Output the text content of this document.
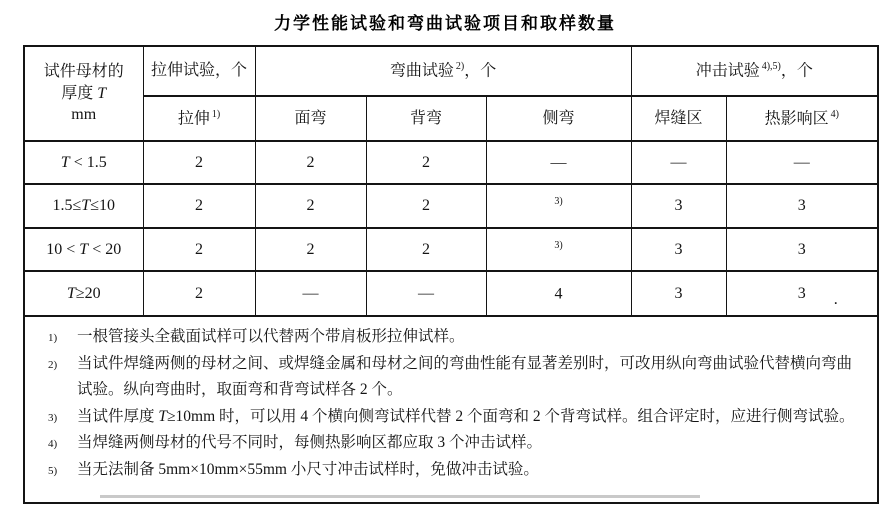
力学性能试验和弯曲试验项目和取样数量
试件母材的
厚度 T
mm	拉伸试验，个	弯曲试验 $^{2)}$，个			冲击试验 $^{4),5)}$，个	
	拉伸 $^{1)}$	面弯	背弯	侧弯	焊缝区	热影响区 $^{4)}$
T < 1.5	2	2	2	—	—	—

1.5≤T≤10	2	2	2	$^{3)}$	3	3

10 < T < 20	2	2	2	$^{3)}$	3	3

T≥20	2	—	—	4	3	3 .

1) 一根管接头全截面试样可以代替两个带肩板形拉伸试样。
2) 当试件焊缝两侧的母材之间、或焊缝金属和母材之间的弯曲性能有显著差别时，可改用纵向弯曲试验代替横向弯曲试验。纵向弯曲时，取面弯和背弯试样各 2 个。
3) 当试件厚度 T≥10mm 时，可以用 4 个横向侧弯试样代替 2 个面弯和 2 个背弯试样。组合评定时，应进行侧弯试验。
4) 当焊缝两侧母材的代号不同时，每侧热影响区都应取 3 个冲击试样。
5) 当无法制备 5mm×10mm×55mm 小尺寸冲击试样时，免做冲击试验。
